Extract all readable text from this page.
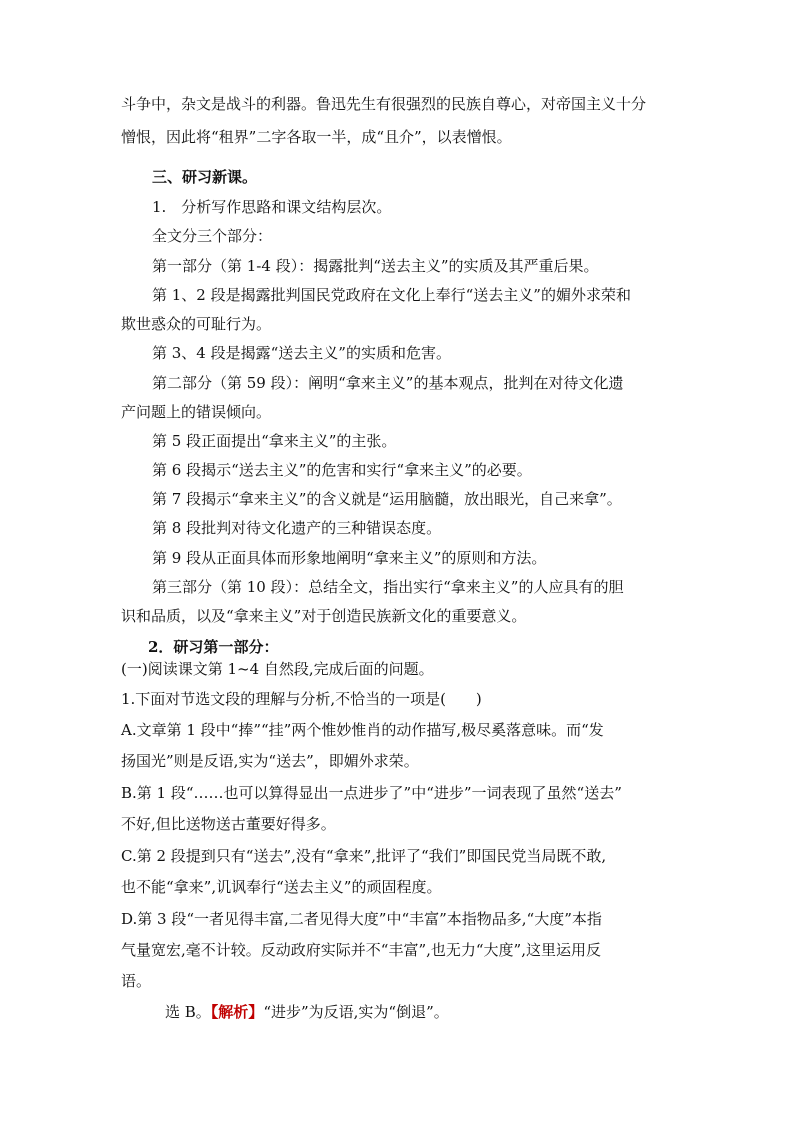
斗争中，杂文是战斗的利器。鲁迅先生有很强烈的民族自尊心，对帝国主义十分
憎恨，因此将“租界”二字各取一半，成“且介”，以表憎恨。
三、研习新课。
1.　分析写作思路和课文结构层次。
全文分三个部分：
第一部分（第 1-4 段）：揭露批判“送去主义”的实质及其严重后果。
第 1、2 段是揭露批判国民党政府在文化上奉行“送去主义”的媚外求荣和
欺世惑众的可耻行为。
第 3、4 段是揭露“送去主义”的实质和危害。
第二部分（第 59 段）：阐明“拿来主义”的基本观点，批判在对待文化遗
产问题上的错误倾向。
第 5 段正面提出“拿来主义”的主张。
第 6 段揭示“送去主义”的危害和实行“拿来主义”的必要。
第 7 段揭示“拿来主义”的含义就是“运用脑髓，放出眼光，自己来拿”。
第 8 段批判对待文化遗产的三种错误态度。
第 9 段从正面具体而形象地阐明“拿来主义”的原则和方法。
第三部分（第 10 段）：总结全文，指出实行“拿来主义”的人应具有的胆
识和品质，以及“拿来主义”对于创造民族新文化的重要意义。
2．研习第一部分：
(一)阅读课文第 1~4 自然段,完成后面的问题。
1.下面对节选文段的理解与分析,不恰当的一项是(　　)
A.文章第 1 段中“捧”“挂”两个惟妙惟肖的动作描写,极尽奚落意味。而“发
扬国光”则是反语,实为“送去”，即媚外求荣。
B.第 1 段“……也可以算得显出一点进步了”中“进步”一词表现了虽然“送去”
不好,但比送物送古董要好得多。
C.第 2 段提到只有“送去”,没有“拿来”,批评了“我们”即国民党当局既不敢,
也不能“拿来”,讥讽奉行“送去主义”的顽固程度。
D.第 3 段“一者见得丰富,二者见得大度”中“丰富”本指物品多,“大度”本指
气量宽宏,毫不计较。反动政府实际并不“丰富”,也无力“大度”,这里运用反
语。
选 B。【解析】“进步”为反语,实为“倒退”。
